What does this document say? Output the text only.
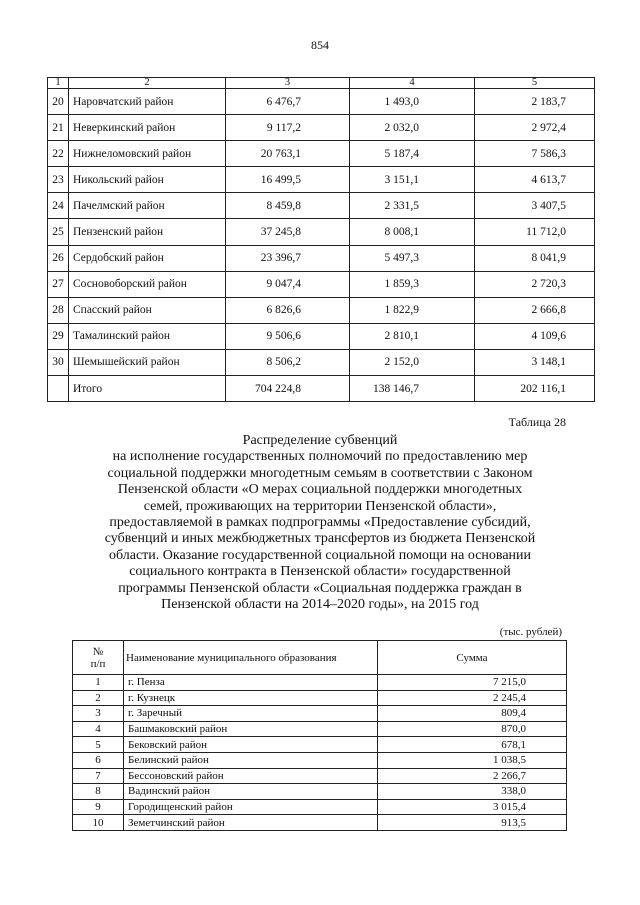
854
1	2	3	4	5
20	Наровчатский район	6 476,7	1 493,0	2 183,7
21	Неверкинский район	9 117,2	2 032,0	2 972,4
22	Нижнеломовский район	20 763,1	5 187,4	7 586,3
23	Никольский район	16 499,5	3 151,1	4 613,7
24	Пачелмский район	8 459,8	2 331,5	3 407,5
25	Пензенский район	37 245,8	8 008,1	11 712,0
26	Сердобский район	23 396,7	5 497,3	8 041,9
27	Сосновоборский район	9 047,4	1 859,3	2 720,3
28	Спасский район	6 826,6	1 822,9	2 666,8
29	Тамалинский район	9 506,6	2 810,1	4 109,6
30	Шемышейский район	8 506,2	2 152,0	3 148,1
	Итого	704 224,8	138 146,7	202 116,1
Таблица 28
Распределение субвенций
на исполнение государственных полномочий по предоставлению мер
социальной поддержки многодетным семьям в соответствии с Законом
Пензенской области «О мерах социальной поддержки многодетных
семей, проживающих на территории Пензенской области»,
предоставляемой в рамках подпрограммы «Предоставление субсидий,
субвенций и иных межбюджетных трансфертов из бюджета Пензенской
области. Оказание государственной социальной помощи на основании
социального контракта в Пензенской области» государственной
программы Пензенской области «Социальная поддержка граждан в
Пензенской области на 2014–2020 годы», на 2015 год
(тыс. рублей)
№
п/п	Наименование муниципального образования	Сумма
1	г. Пенза	7 215,0
2	г. Кузнецк	2 245,4
3	г. Заречный	809,4
4	Башмаковский район	870,0
5	Бековский район	678,1
6	Белинский район	1 038,5
7	Бессоновский район	2 266,7
8	Вадинский район	338,0
9	Городищенский район	3 015,4
10	Земетчинский район	913,5
